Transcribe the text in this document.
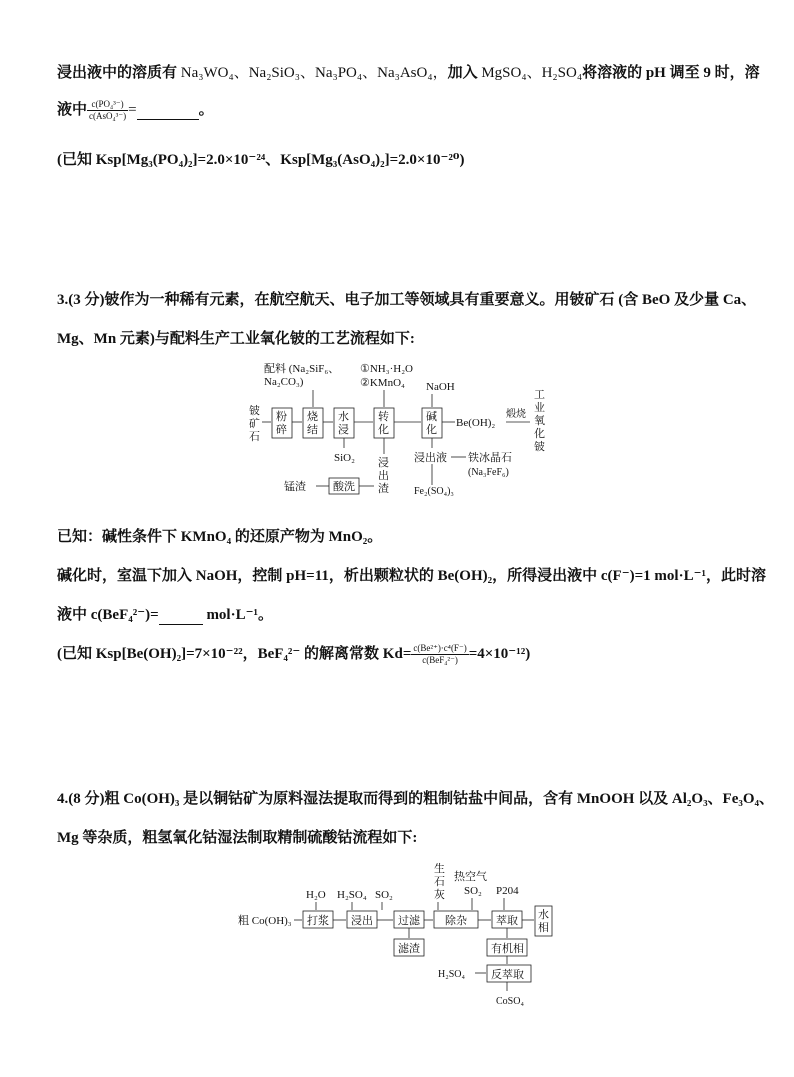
浸出液中的溶质有 Na₃WO₄、Na₂SiO₃、Na₃PO₄、Na₃AsO₄，加入 MgSO₄、H₂SO₄将溶液的 pH 调至 9 时，溶
液中 $\frac{\text{c(PO₄³⁻)}}{\text{c(AsO₄³⁻)}}$ =	。
(已知 Ksp[Mg₃(PO₄)₂]=2.0×10⁻²⁴、Ksp[Mg₃(AsO₄)₂]=2.0×10⁻²⁰)
3.(3 分)铍作为一种稀有元素，在航空航天、电子加工等领域具有重要意义。用铍矿石 (含 BeO 及少量 Ca、
Mg、Mn 元素)与配料生产工业氧化铍的工艺流程如下:
配料 (Na₂SiF₆、
Na₂CO₃)
①NH₃·H₂O
②KMnO₄ NaOH
铍
矿
石
粉
碎
烧
结
水
浸
转
化
碱
化
Be(OH)₂
煅烧
工
业
氧
化
铍
SiO₂ 浸
出
渣
酸洗
锰渣
浸出液 铁冰晶石
(Na₃FeF₆)
Fe₂(SO₄)₃
已知：碱性条件下 KMnO₄ 的还原产物为 MnO₂。
碱化时，室温下加入 NaOH，控制 pH=11，析出颗粒状的 Be(OH)₂，所得浸出液中 c(F⁻)=1 mol·L⁻¹，此时溶
液中 c(BeF₄²⁻)=	mol·L⁻¹。
(已知 Ksp[Be(OH)₂]=7×10⁻²²，BeF₄²⁻ 的解离常数 $Kd= \frac{\text{c(Be²⁺)·c⁴(F⁻)}}{\text{c(BeF₄²⁻)}} =4\times 10^{-12}$)
4.(8 分)粗 Co(OH)₃ 是以铜钴矿为原料湿法提取而得到的粗制钴盐中间品，含有 MnOOH 以及 Al₂O₃、Fe₃O₄、
Mg 等杂质，粗氢氧化钴湿法制取精制硫酸钴流程如下:
生
石
灰
热空气
SO₂ P204
H₂O H₂SO₄ SO₂
粗 Co(OH)₃ 打浆 浸出 过滤 除杂	萃取 水
相
滤渣	有机相
H₂SO₄ 反萃取
CoSO₄
